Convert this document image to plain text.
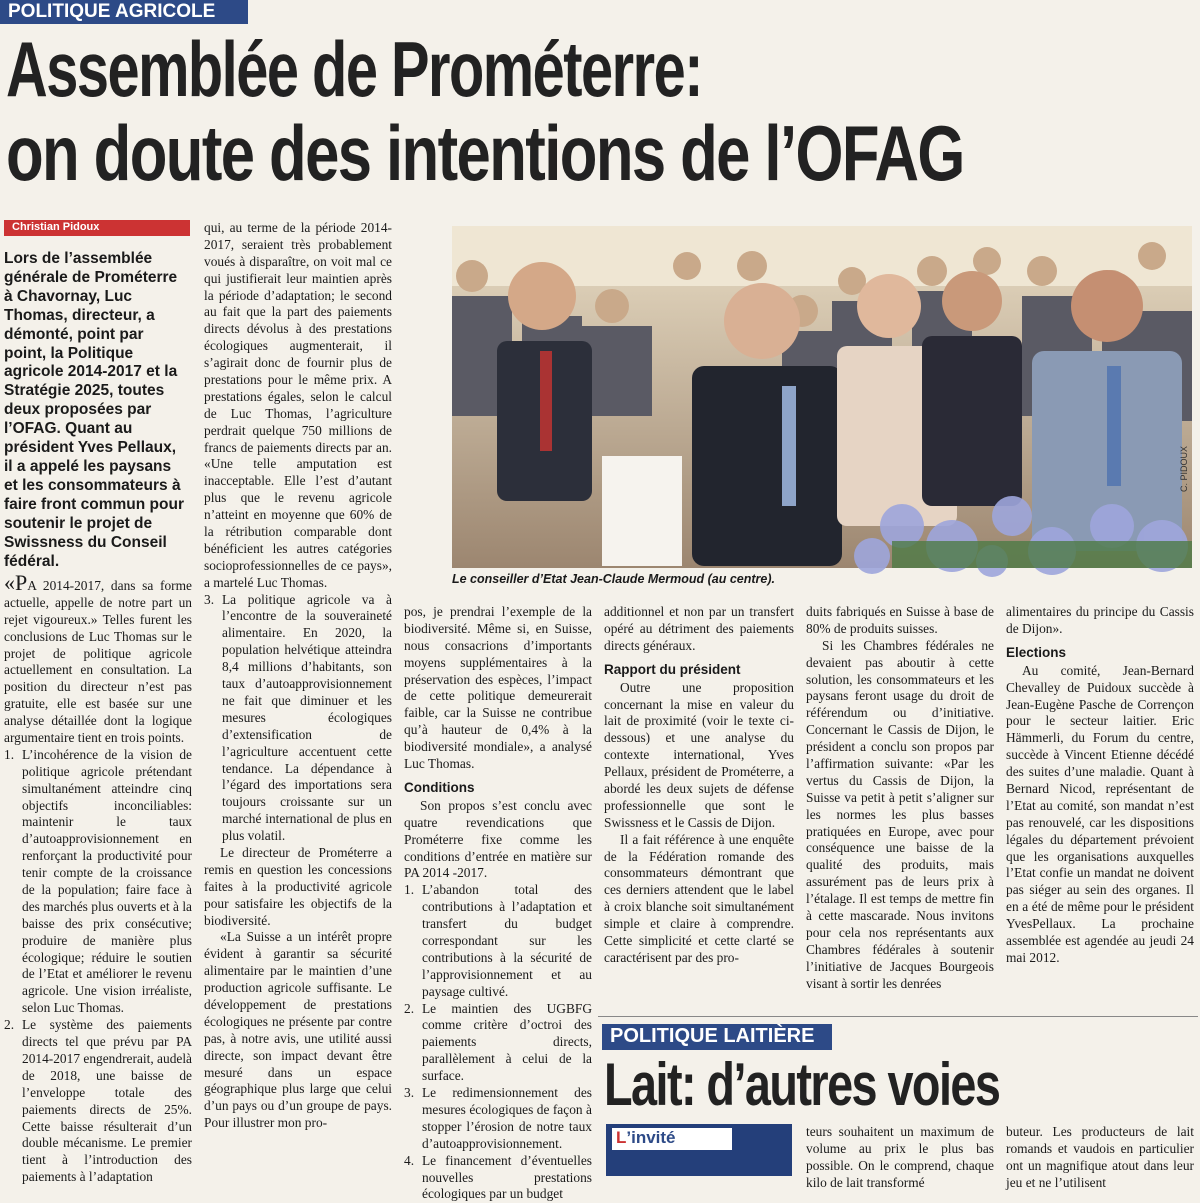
POLITIQUE AGRICOLE
Assemblée de Prométerre:
on doute des intentions de l’OFAG
Christian Pidoux
Lors de l’assemblée générale de Prométerre à Chavornay, Luc Thomas, directeur, a démonté, point par point, la Politique agricole 2014-2017 et la Stratégie 2025, toutes deux proposées par l’OFAG. Quant au président Yves Pellaux, il a appelé les paysans et les consommateurs à faire front commun pour soutenir le projet de Swissness du Conseil fédéral.
C. PIDOUX
Le conseiller d’Etat Jean-Claude Mermoud (au centre).

«PA 2014-2017, dans sa forme actuelle, appelle de notre part un rejet vigoureux.» Telles furent les conclusions de Luc Thomas sur le projet de politique agricole actuellement en consultation. La position du directeur n’est pas gratuite, elle est basée sur une analyse détaillée dont la logique argumentaire tient en trois points.

1. L’incohérence de la vision de politique agricole prétendant simultanément atteindre cinq objectifs inconciliables: maintenir le taux d’autoapprovisionnement en renforçant la productivité pour tenir compte de la croissance de la population; faire face à des marchés plus ouverts et à la baisse des prix consécutive; produire de manière plus écologique; réduire le soutien de l’Etat et améliorer le revenu agricole. Une vision irréaliste, selon Luc Thomas.
2. Le système des paiements directs tel que prévu par PA 2014-2017 engendrerait, audelà de 2018, une baisse de l’enveloppe totale des paiements directs de 25%. Cette baisse résulterait d’un double mécanisme. Le premier tient à l’introduction des paiements à l’adaptation

qui, au terme de la période 2014-2017, seraient très probablement voués à disparaître, on voit mal ce qui justifierait leur maintien après la période d’adaptation; le second au fait que la part des paiements directs dévolus à des prestations écologiques augmenterait, il s’agirait donc de fournir plus de prestations pour le même prix. A prestations égales, selon le calcul de Luc Thomas, l’agriculture perdrait quelque 750 millions de francs de paiements directs par an. «Une telle amputation est inacceptable. Elle l’est d’autant plus que le revenu agricole n’atteint en moyenne que 60% de la rétribution comparable dont bénéficient les autres catégories socioprofessionnelles de ce pays», a martelé Luc Thomas.

3. La politique agricole va à l’encontre de la souveraineté alimentaire. En 2020, la population helvétique atteindra 8,4 millions d’habitants, son taux d’autoapprovisionnement ne fait que diminuer et les mesures écologiques d’extensification de l’agriculture accentuent cette tendance. La dépendance à l’égard des importations sera toujours croissante sur un marché international de plus en plus volatil.

Le directeur de Prométerre a remis en question les concessions faites à la productivité agricole pour satisfaire les objectifs de la biodiversité.

«La Suisse a un intérêt propre évident à garantir sa sécurité alimentaire par le maintien d’une production agricole suffisante. Le développement de prestations écologiques ne présente par contre pas, à notre avis, une utilité aussi directe, son impact devant être mesuré dans un espace géographique plus large que celui d’un pays ou d’un groupe de pays. Pour illustrer mon pro-

pos, je prendrai l’exemple de la biodiversité. Même si, en Suisse, nous consacrions d’importants moyens supplémentaires à la préservation des espèces, l’impact de cette politique demeurerait faible, car la Suisse ne contribue qu’à hauteur de 0,4% à la biodiversité mondiale», a analysé Luc Thomas.

Conditions

Son propos s’est conclu avec quatre revendications que Prométerre fixe comme les conditions d’entrée en matière sur PA 2014 -2017.

1. L’abandon total des contributions à l’adaptation et transfert du budget correspondant sur les contributions à la sécurité de l’approvisionnement et au paysage cultivé.
2. Le maintien des UGBFG comme critère d’octroi des paiements directs, parallèlement à celui de la surface.
3. Le redimensionnement des mesures écologiques de façon à stopper l’érosion de notre taux d’autoapprovisionnement.
4. Le financement d’éventuelles nouvelles prestations écologiques par un budget

additionnel et non par un transfert opéré au détriment des paiements directs généraux.

Rapport du président

Outre une proposition concernant la mise en valeur du lait de proximité (voir le texte ci-dessous) et une analyse du contexte international, Yves Pellaux, président de Prométerre, a abordé les deux sujets de défense professionnelle que sont le Swissness et le Cassis de Dijon.

Il a fait référence à une enquête de la Fédération romande des consommateurs démontrant que ces derniers attendent que le label à croix blanche soit simultanément simple et claire à comprendre. Cette simplicité et cette clarté se caractérisent par des pro-

duits fabriqués en Suisse à base de 80% de produits suisses.

Si les Chambres fédérales ne devaient pas aboutir à cette solution, les consommateurs et les paysans feront usage du droit de référendum ou d’initiative. Concernant le Cassis de Dijon, le président a conclu son propos par l’affirmation suivante: «Par les vertus du Cassis de Dijon, la Suisse va petit à petit s’aligner sur les normes les plus basses pratiquées en Europe, avec pour conséquence une baisse de la qualité des produits, mais assurément pas de leurs prix à l’étalage. Il est temps de mettre fin à cette mascarade. Nous invitons pour cela nos représentants aux Chambres fédérales à soutenir l’initiative de Jacques Bourgeois visant à sortir les denrées

alimentaires du principe du Cassis de Dijon».

Elections

Au comité, Jean-Bernard Chevalley de Puidoux succède à Jean-Eugène Pasche de Corrençon pour le secteur laitier. Eric Hämmerli, du Forum du centre, succède à Vincent Etienne décédé des suites d’une maladie. Quant à Bernard Nicod, représentant de l’Etat au comité, son mandat n’est pas renouvelé, car les dispositions légales du département prévoient que les organisations auxquelles l’Etat confie un mandat ne doivent pas siéger au sein des organes. Il en a été de même pour le président YvesPellaux. La prochaine assemblée est agendée au jeudi 24 mai 2012.

POLITIQUE LAITIÈRE
Lait: d’autres voies
L’invité	teurs souhaitent un maximum de volume au prix le plus bas possible. On le comprend, chaque kilo de lait transformé

buteur. Les producteurs de lait romands et vaudois en particulier ont un magnifique atout dans leur jeu et ne l’utilisent
